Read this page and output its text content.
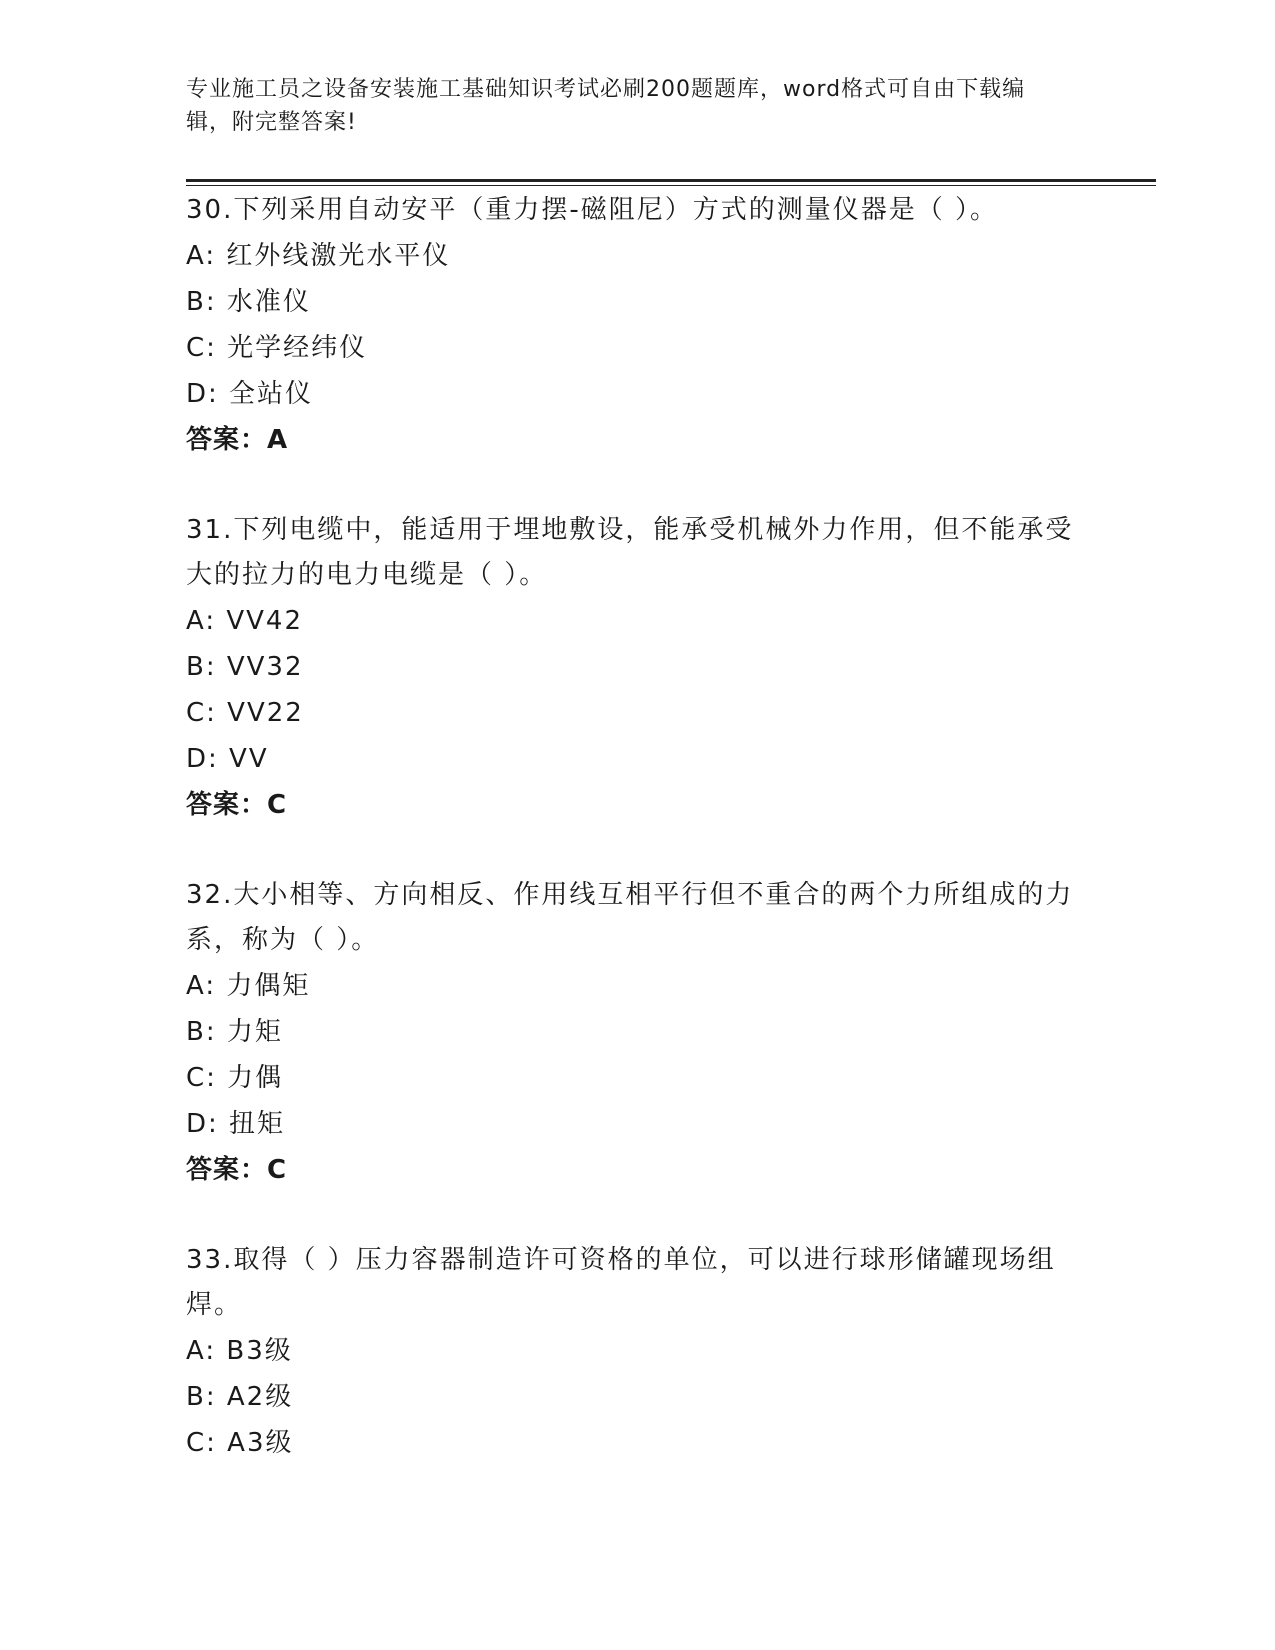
专业施工员之设备安装施工基础知识考试必刷200题题库，word格式可自由下载编辑，附完整答案!

30.下列采用自动安平（重力摆-磁阻尼）方式的测量仪器是（ ）。

A: 红外线激光水平仪
B: 水准仪
C: 光学经纬仪
D: 全站仪
答案：A

31.下列电缆中，能适用于埋地敷设，能承受机械外力作用，但不能承受大的拉力的电力电缆是（ ）。

A: VV42
B: VV32
C: VV22
D: VV
答案：C

32.大小相等、方向相反、作用线互相平行但不重合的两个力所组成的力系，称为（ ）。

A: 力偶矩
B: 力矩
C: 力偶
D: 扭矩
答案：C

33.取得（ ）压力容器制造许可资格的单位，可以进行球形储罐现场组焊。

A: B3级
B: A2级
C: A3级
